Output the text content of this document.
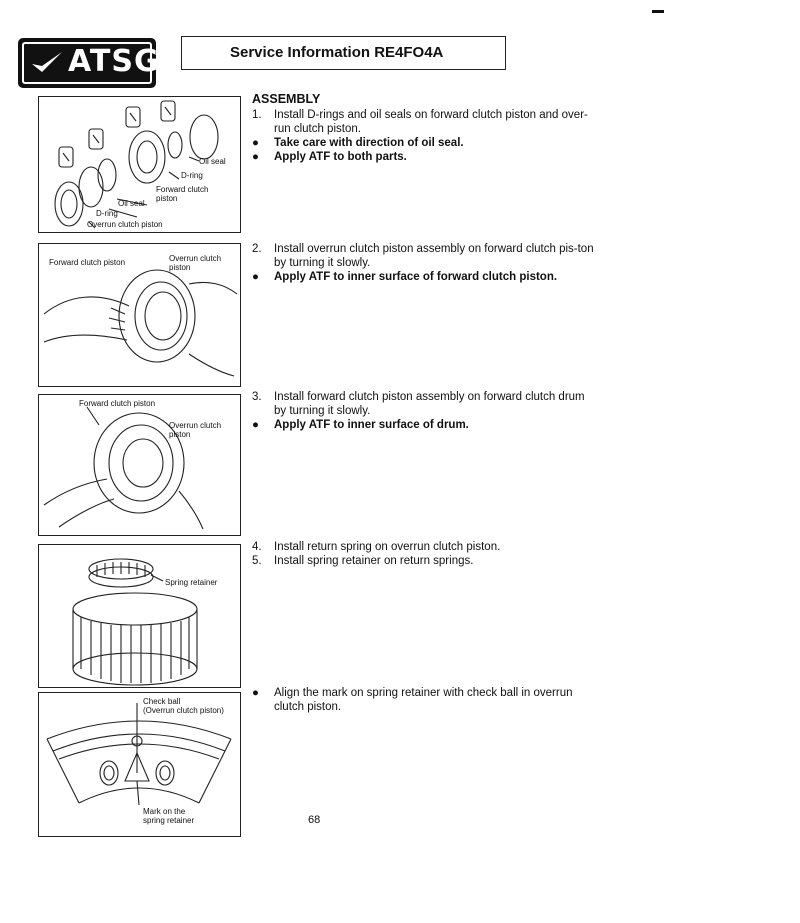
ATSG	Service Information RE4FO4A
Oil seal
D-ring
Forward clutch
piston
Oil seal
D-ring
Overrun clutch piston
Forward clutch piston	Overrun clutch
piston
Forward clutch piston
Overrun clutch
piston
Spring retainer
Check ball
(Overrun clutch piston)
Mark on the
spring retainer
ASSEMBLY
1. Install D-rings and oil seals on forward clutch piston and over-run clutch piston.
● Take care with direction of oil seal.
● Apply ATF to both parts.
2. Install overrun clutch piston assembly on forward clutch pis-ton by turning it slowly.
● Apply ATF to inner surface of forward clutch piston.
3. Install forward clutch piston assembly on forward clutch drum by turning it slowly.
● Apply ATF to inner surface of drum.
4. Install return spring on overrun clutch piston.
5. Install spring retainer on return springs.
● Align the mark on spring retainer with check ball in overrun clutch piston.
68
